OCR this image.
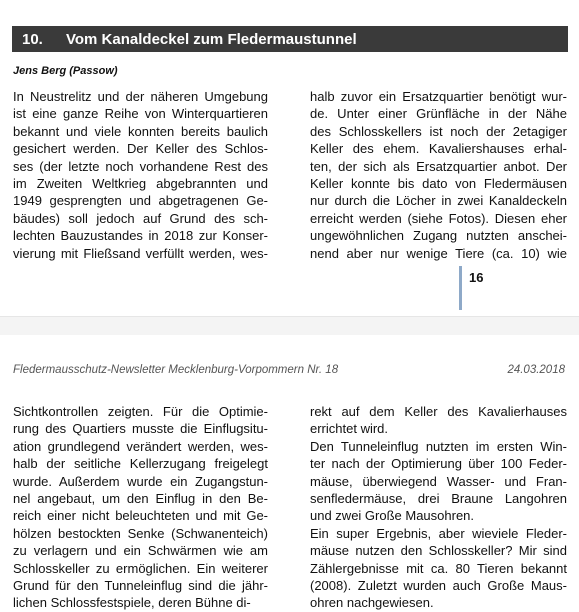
10.	Vom Kanaldeckel zum Fledermaustunnel
Jens Berg (Passow)
In Neustrelitz und der näheren Umgebung
ist eine ganze Reihe von Winterquartieren
bekannt und viele konnten bereits baulich
gesichert werden. Der Keller des Schlos-
ses (der letzte noch vorhandene Rest des
im Zweiten Weltkrieg abgebrannten und
1949 gesprengten und abgetragenen Ge-
bäudes) soll jedoch auf Grund des sch-
lechten Bauzustandes in 2018 zur Konser-
vierung mit Fließsand verfüllt werden, wes-
halb zuvor ein Ersatzquartier benötigt wur-
de. Unter einer Grünfläche in der Nähe
des Schlosskellers ist noch der 2etagiger
Keller des ehem. Kavaliershauses erhal-
ten, der sich als Ersatzquartier anbot. Der
Keller konnte bis dato von Fledermäusen
nur durch die Löcher in zwei Kanaldeckeln
erreicht werden (siehe Fotos). Diesen eher
ungewöhnlichen Zugang nutzten anschei-
nend aber nur wenige Tiere (ca. 10) wie
16
Fledermausschutz-Newsletter Mecklenburg-Vorpommern Nr. 18	24.03.2018
Sichtkontrollen zeigten. Für die Optimie-
rung des Quartiers musste die Einflugsitu-
ation grundlegend verändert werden, wes-
halb der seitliche Kellerzugang freigelegt
wurde. Außerdem wurde ein Zugangstun-
nel angebaut, um den Einflug in den Be-
reich einer nicht beleuchteten und mit Ge-
hölzen bestockten Senke (Schwanenteich)
zu verlagern und ein Schwärmen wie am
Schlosskeller zu ermöglichen. Ein weiterer
Grund für den Tunneleinflug sind die jähr-
lichen Schlossfestspiele, deren Bühne di-
rekt auf dem Keller des Kavalierhauses
errichtet wird.
Den Tunneleinflug nutzten im ersten Win-
ter nach der Optimierung über 100 Feder-
mäuse, überwiegend Wasser- und Fran-
senfledermäuse, drei Braune Langohren
und zwei Große Mausohren.
Ein super Ergebnis, aber wieviele Fleder-
mäuse nutzen den Schlosskeller? Mir sind
Zählergebnisse mit ca. 80 Tieren bekannt
(2008). Zuletzt wurden auch Große Maus-
ohren nachgewiesen.
